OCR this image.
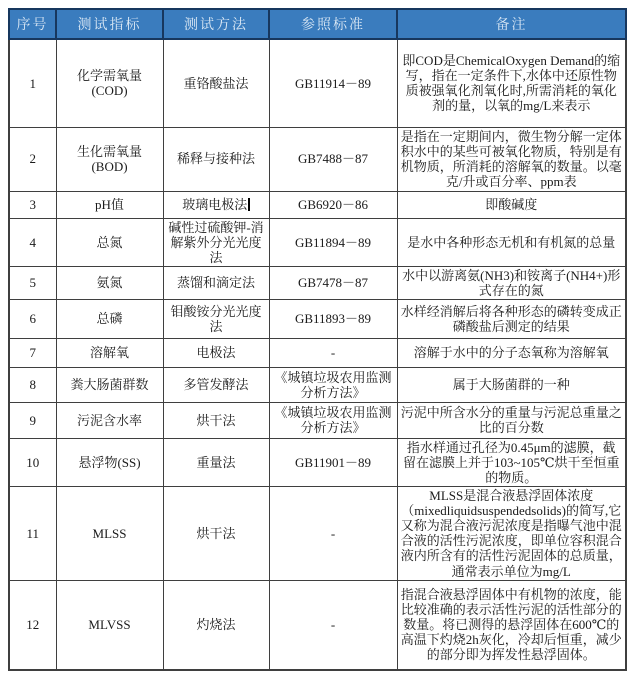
序号	测试指标	测试方法	参照标准	备注
1	化学需氧量(COD)	重铬酸盐法	GB11914－89	即COD是ChemicalOxygen Demand的缩写，指在一定条件下,水体中还原性物质被强氧化剂氧化时,所需消耗的氧化剂的量，以氧的mg/L来表示
2	生化需氧量(BOD)	稀释与接种法	GB7488－87	是指在一定期间内，微生物分解一定体积水中的某些可被氧化物质，特别是有机物质，所消耗的溶解氧的数量。以毫克/升或百分率、ppm表
3	pH值	玻璃电极法	GB6920－86	即酸碱度
4	总氮	碱性过硫酸钾-消解紫外分光光度法	GB11894－89	是水中各种形态无机和有机氮的总量
5	氨氮	蒸馏和滴定法	GB7478－87	水中以游离氨(NH3)和铵离子(NH4+)形式存在的氮
6	总磷	钼酸铵分光光度法	GB11893－89	水样经消解后将各种形态的磷转变成正磷酸盐后测定的结果
7	溶解氧	电极法	-	溶解于水中的分子态氧称为溶解氧
8	粪大肠菌群数	多管发酵法	《城镇垃圾农用监测分析方法》	属于大肠菌群的一种
9	污泥含水率	烘干法	《城镇垃圾农用监测分析方法》	污泥中所含水分的重量与污泥总重量之比的百分数
10	悬浮物(SS)	重量法	GB11901－89	指水样通过孔径为0.45μm的滤膜，截留在滤膜上并于103~105℃烘干至恒重的物质。
11	MLSS	烘干法	-	MLSS是混合液悬浮固体浓度（mixedliquidsuspendedsolids)的简写,它又称为混合液污泥浓度是指曝气池中混合液的活性污泥浓度，即单位容积混合液内所含有的活性污泥固体的总质量，通常表示单位为mg/L
12	MLVSS	灼烧法	-	指混合液悬浮固体中有机物的浓度，能比较准确的表示活性污泥的活性部分的数量。将已测得的悬浮固体在600℃的高温下灼烧2h灰化，冷却后恒重，减少的部分即为挥发性悬浮固体。
